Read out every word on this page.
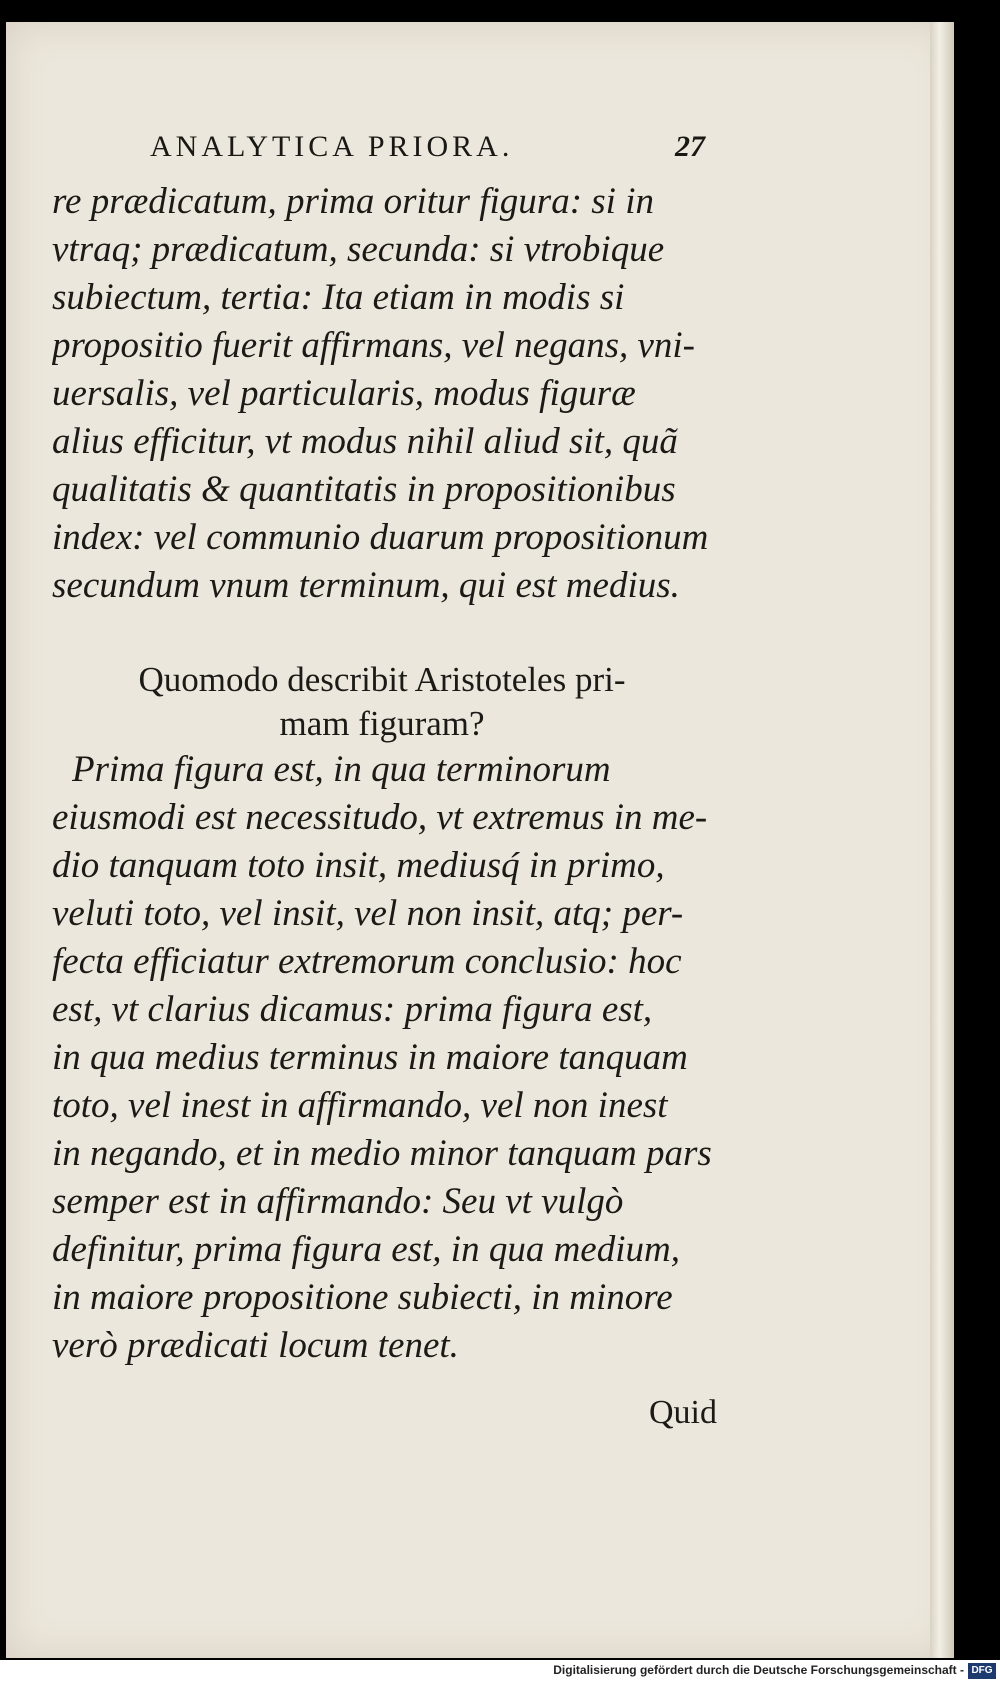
ANALYTICA PRIORA.	27
re prædicatum, prima oritur figura: si in
vtraq; prædicatum, secunda: si vtrobique
subiectum, tertia: Ita etiam in modis si
propositio fuerit affirmans, vel negans, vni-
uersalis, vel particularis, modus figuræ
alius efficitur, vt modus nihil aliud sit, quã
qualitatis & quantitatis in propositionibus
index: vel communio duarum propositionum
secundum vnum terminum, qui est medius.
Quomodo describit Aristoteles pri-
mam figuram?
Prima figura est, in qua terminorum
eiusmodi est necessitudo, vt extremus in me-
dio tanquam toto insit, mediusq́ in primo,
veluti toto, vel insit, vel non insit, atq; per-
fecta efficiatur extremorum conclusio: hoc
est, vt clarius dicamus: prima figura est,
in qua medius terminus in maiore tanquam
toto, vel inest in affirmando, vel non inest
in negando, et in medio minor tanquam pars
semper est in affirmando: Seu vt vulgò
definitur, prima figura est, in qua medium,
in maiore propositione subiecti, in minore
verò prædicati locum tenet.
Quid
Digitalisierung gefördert durch die Deutsche Forschungsgemeinschaft - DFG
